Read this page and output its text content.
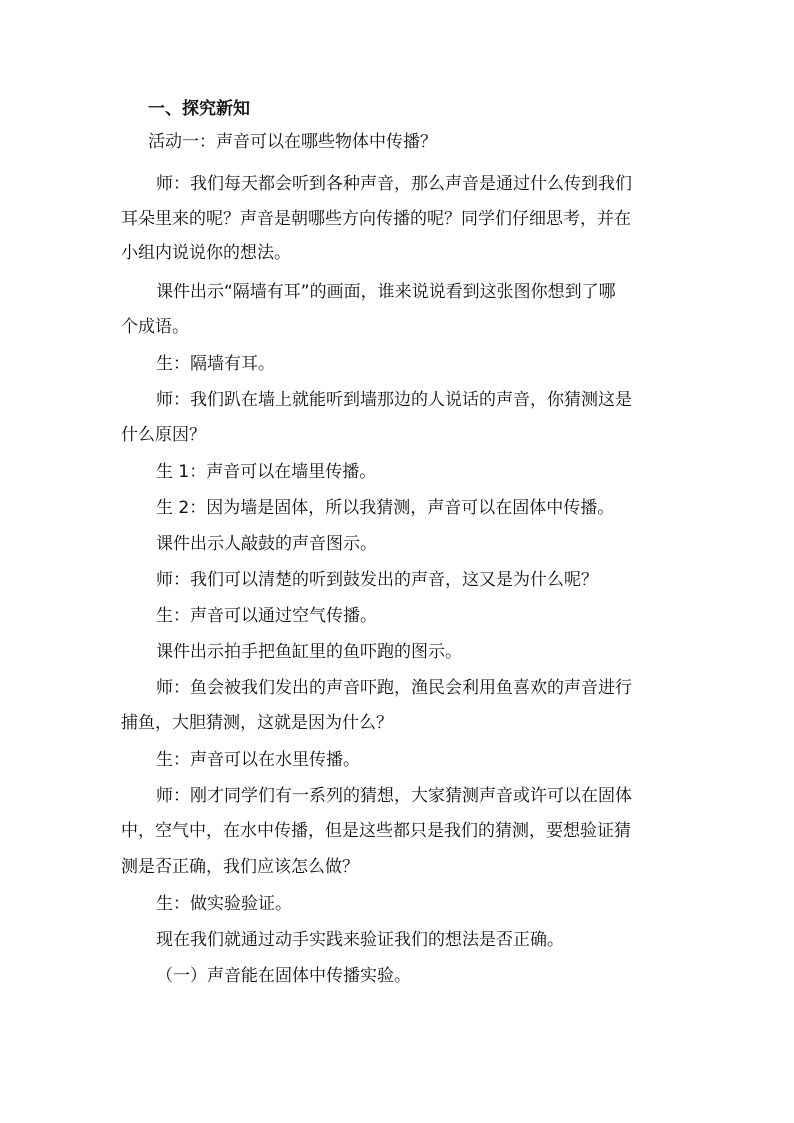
一、探究新知
活动一：声音可以在哪些物体中传播？
师：我们每天都会听到各种声音，那么声音是通过什么传到我们
耳朵里来的呢？声音是朝哪些方向传播的呢？同学们仔细思考，并在
小组内说说你的想法。
课件出示“隔墙有耳”的画面，谁来说说看到这张图你想到了哪
个成语。
生：隔墙有耳。
师：我们趴在墙上就能听到墙那边的人说话的声音，你猜测这是
什么原因？
生 1：声音可以在墙里传播。
生 2：因为墙是固体，所以我猜测，声音可以在固体中传播。
课件出示人敲鼓的声音图示。
师：我们可以清楚的听到鼓发出的声音，这又是为什么呢？
生：声音可以通过空气传播。
课件出示拍手把鱼缸里的鱼吓跑的图示。
师：鱼会被我们发出的声音吓跑，渔民会利用鱼喜欢的声音进行
捕鱼，大胆猜测，这就是因为什么？
生：声音可以在水里传播。
师：刚才同学们有一系列的猜想，大家猜测声音或许可以在固体
中，空气中，在水中传播，但是这些都只是我们的猜测，要想验证猜
测是否正确，我们应该怎么做？
生：做实验验证。
现在我们就通过动手实践来验证我们的想法是否正确。
（一）声音能在固体中传播实验。
